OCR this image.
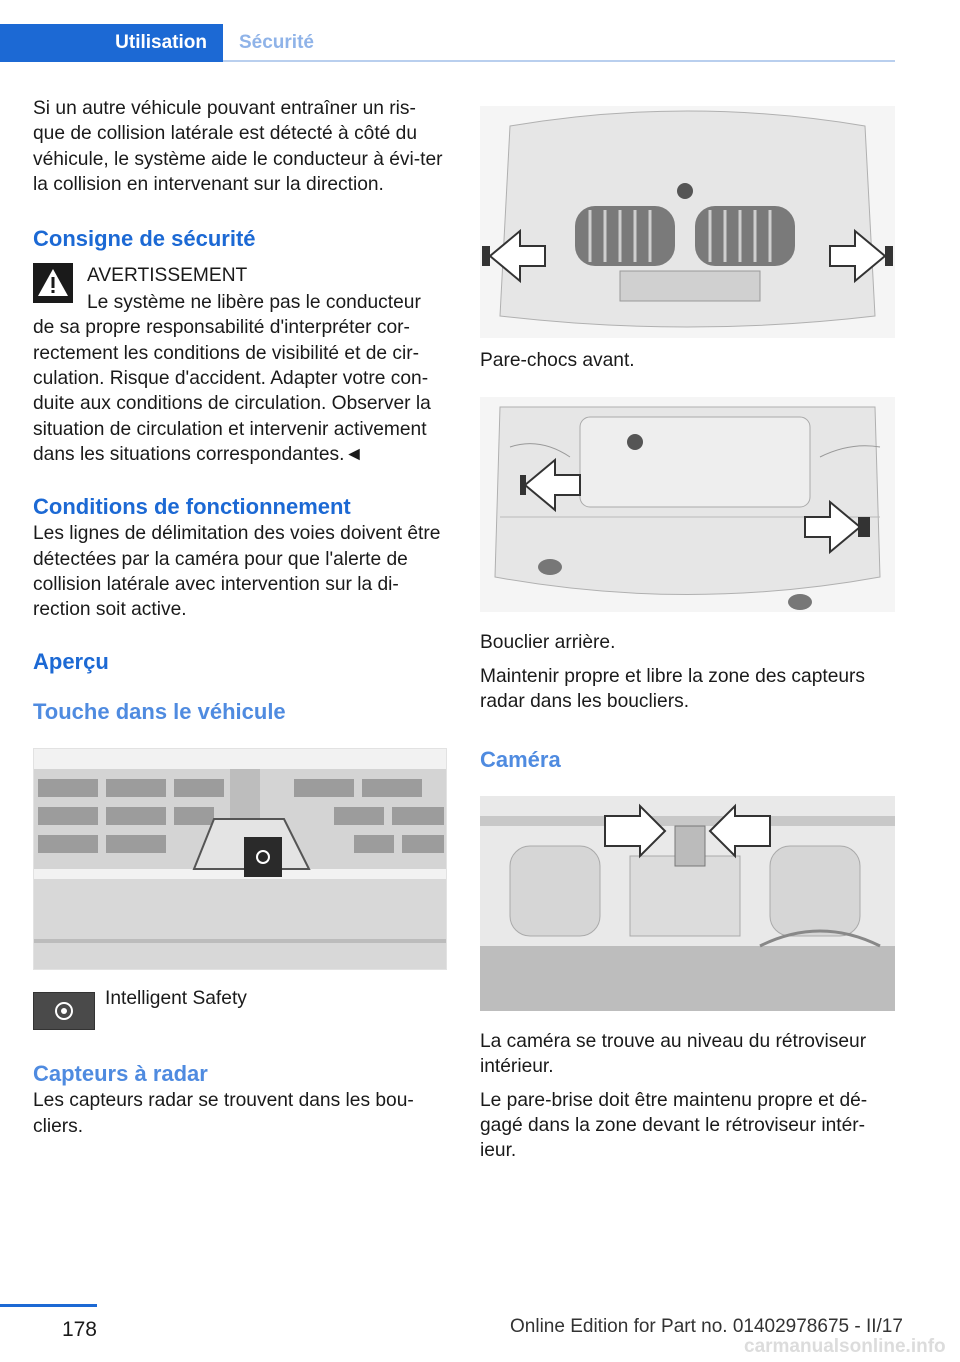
Utilisation	Sécurité

Si un autre véhicule pouvant entraîner un ris-que de collision latérale est détecté à côté du véhicule, le système aide le conducteur à évi-ter la collision en intervenant sur la direction.

Consigne de sécurité

AVERTISSEMENT

Le système ne libère pas le conducteur de sa propre responsabilité d'interpréter cor-rectement les conditions de visibilité et de cir-culation. Risque d'accident. Adapter votre con-duite aux conditions de circulation. Observer la situation de circulation et intervenir activement dans les situations correspondantes.◄

Conditions de fonctionnement

Les lignes de délimitation des voies doivent être détectées par la caméra pour que l'alerte de collision latérale avec intervention sur la di-rection soit active.

Aperçu
Touche dans le véhicule

Intelligent Safety

Capteurs à radar

Les capteurs radar se trouvent dans les bou-cliers.

Pare-chocs avant.

Bouclier arrière.

Maintenir propre et libre la zone des capteurs radar dans les boucliers.

Caméra

La caméra se trouve au niveau du rétroviseur intérieur.

Le pare-brise doit être maintenu propre et dé-gagé dans la zone devant le rétroviseur intér-ieur.

178	Online Edition for Part no. 01402978675 - II/17
carmanualsonline.info
